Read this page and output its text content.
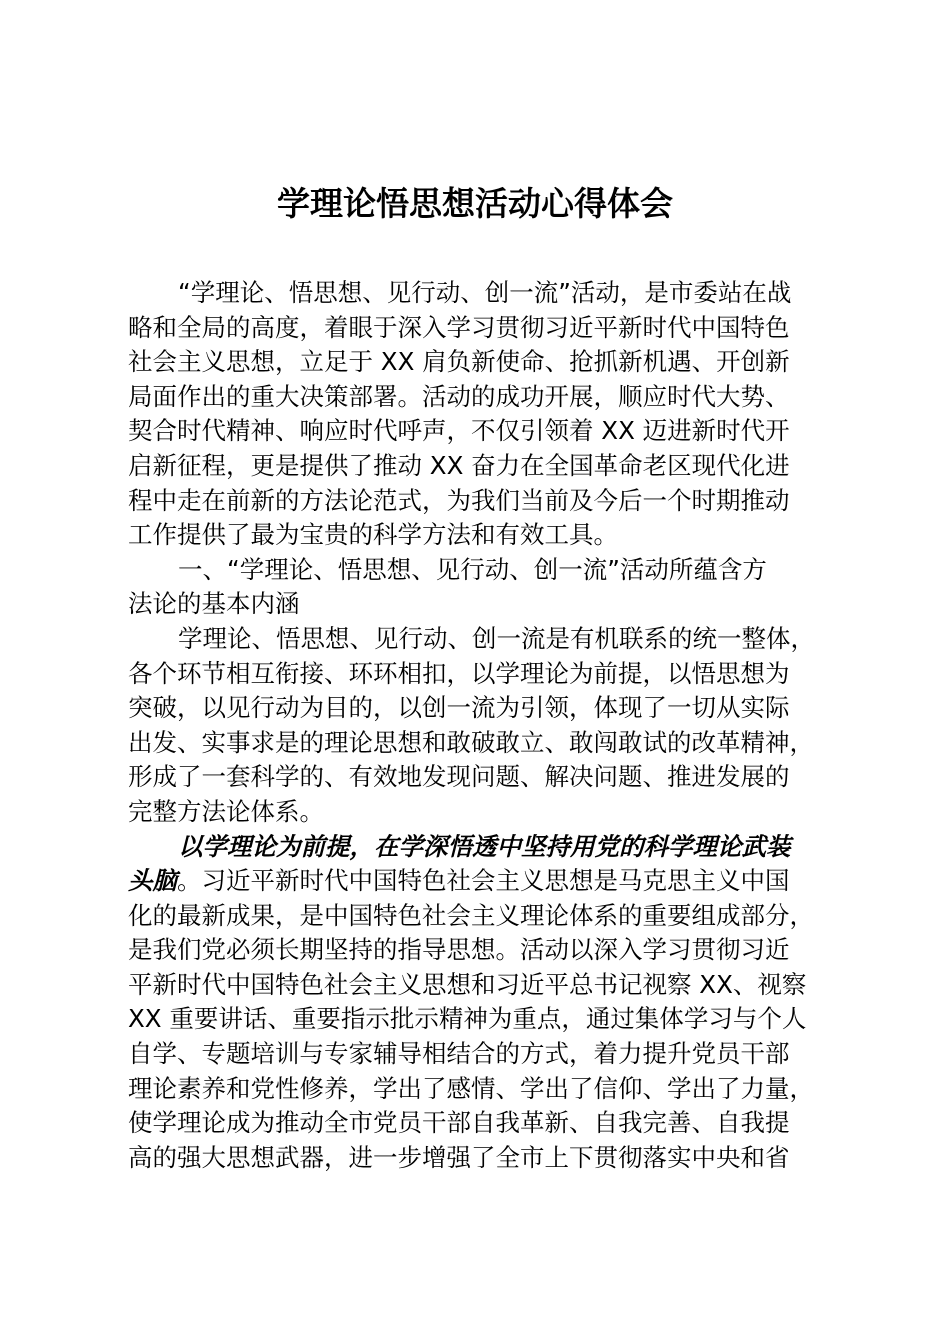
学理论悟思想活动心得体会
“学理论、悟思想、见行动、创一流”活动，是市委站在战
略和全局的高度，着眼于深入学习贯彻习近平新时代中国特色
社会主义思想，立足于 XX 肩负新使命、抢抓新机遇、开创新
局面作出的重大决策部署。活动的成功开展，顺应时代大势、
契合时代精神、响应时代呼声，不仅引领着 XX 迈进新时代开
启新征程，更是提供了推动 XX 奋力在全国革命老区现代化进
程中走在前新的方法论范式，为我们当前及今后一个时期推动
工作提供了最为宝贵的科学方法和有效工具。
一、“学理论、悟思想、见行动、创一流”活动所蕴含方
法论的基本内涵
学理论、悟思想、见行动、创一流是有机联系的统一整体，
各个环节相互衔接、环环相扣，以学理论为前提，以悟思想为
突破，以见行动为目的，以创一流为引领，体现了一切从实际
出发、实事求是的理论思想和敢破敢立、敢闯敢试的改革精神，
形成了一套科学的、有效地发现问题、解决问题、推进发展的
完整方法论体系。
以学理论为前提，在学深悟透中坚持用党的科学理论武装
头脑。习近平新时代中国特色社会主义思想是马克思主义中国
化的最新成果，是中国特色社会主义理论体系的重要组成部分，
是我们党必须长期坚持的指导思想。活动以深入学习贯彻习近
平新时代中国特色社会主义思想和习近平总书记视察 XX、视察
XX 重要讲话、重要指示批示精神为重点，通过集体学习与个人
自学、专题培训与专家辅导相结合的方式，着力提升党员干部
理论素养和党性修养，学出了感情、学出了信仰、学出了力量，
使学理论成为推动全市党员干部自我革新、自我完善、自我提
高的强大思想武器，进一步增强了全市上下贯彻落实中央和省
